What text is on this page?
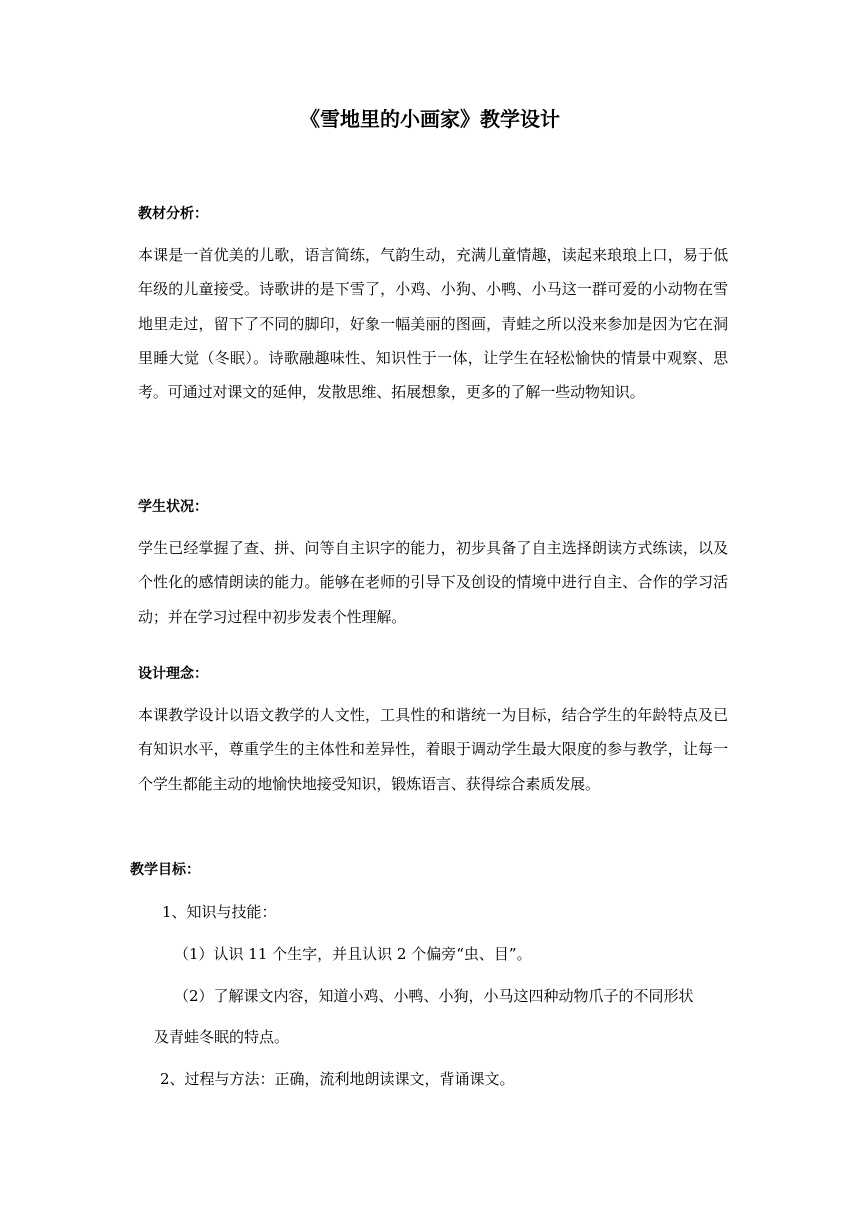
《雪地里的小画家》教学设计
教材分析：
本课是一首优美的儿歌，语言简练，气韵生动，充满儿童情趣，读起来琅琅上口，易于低年级的儿童接受。诗歌讲的是下雪了，小鸡、小狗、小鸭、小马这一群可爱的小动物在雪地里走过，留下了不同的脚印，好象一幅美丽的图画，青蛙之所以没来参加是因为它在洞里睡大觉（冬眠）。诗歌融趣味性、知识性于一体，让学生在轻松愉快的情景中观察、思考。可通过对课文的延伸，发散思维、拓展想象，更多的了解一些动物知识。
学生状况：
学生已经掌握了查、拼、问等自主识字的能力，初步具备了自主选择朗读方式练读，以及个性化的感情朗读的能力。能够在老师的引导下及创设的情境中进行自主、合作的学习活动；并在学习过程中初步发表个性理解。
设计理念：
本课教学设计以语文教学的人文性，工具性的和谐统一为目标，结合学生的年龄特点及已有知识水平，尊重学生的主体性和差异性，着眼于调动学生最大限度的参与教学，让每一个学生都能主动的地愉快地接受知识，锻炼语言、获得综合素质发展。
教学目标：
1、知识与技能：
（1）认识 11 个生字，并且认识 2 个偏旁“虫、目”。
（2）了解课文内容，知道小鸡、小鸭、小狗，小马这四种动物爪子的不同形状
及青蛙冬眠的特点。
2、过程与方法：正确，流利地朗读课文，背诵课文。
